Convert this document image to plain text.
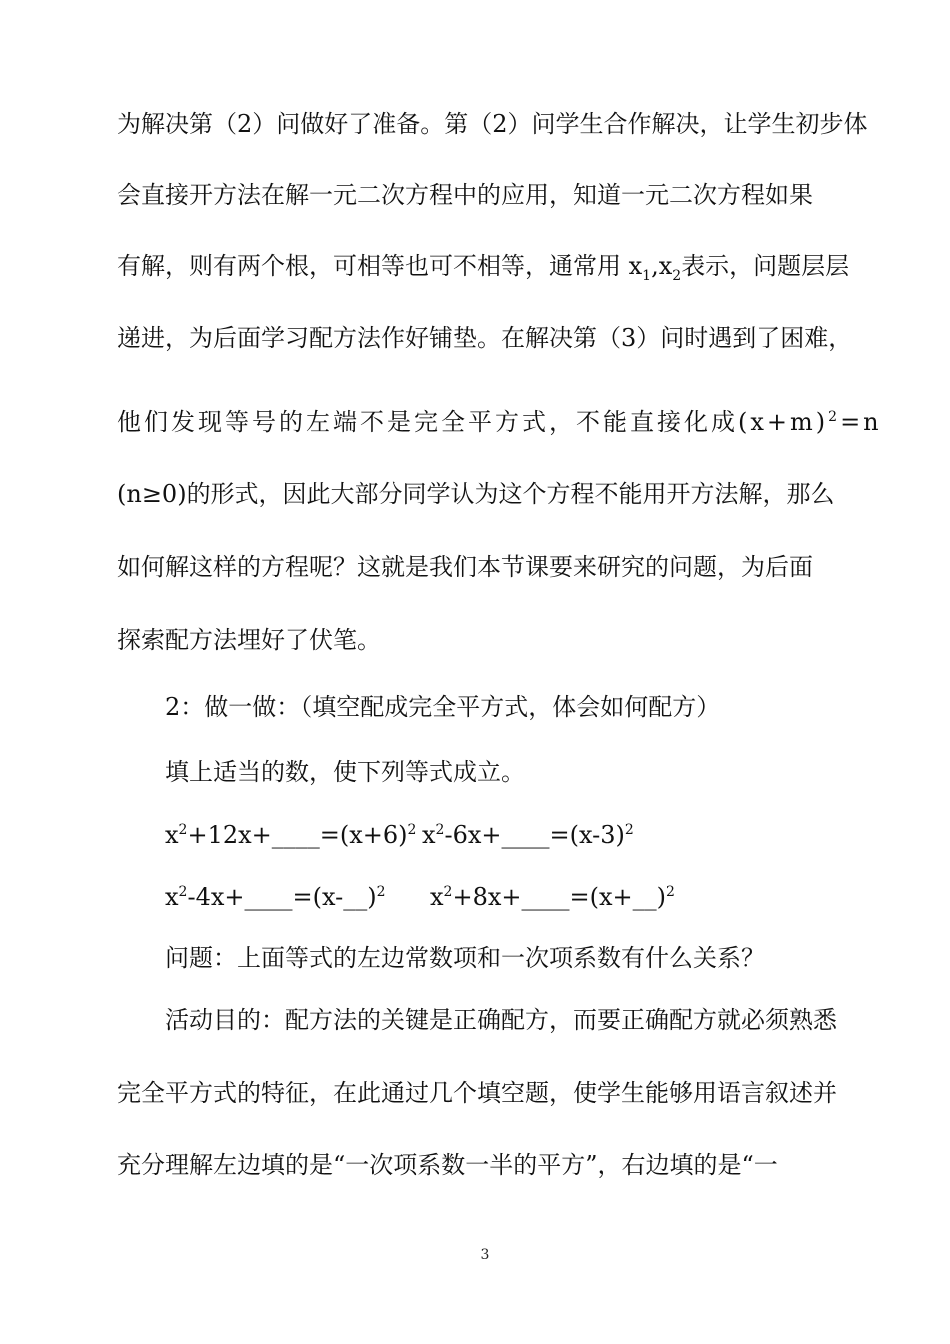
为解决第（2）问做好了准备。第（2）问学生合作解决，让学生初步体
会直接开方法在解一元二次方程中的应用，知道一元二次方程如果
有解，则有两个根，可相等也可不相等，通常用 $x_1,x_2$表示，问题层层
递进，为后面学习配方法作好铺垫。在解决第（3）问时遇到了困难，
他们发现等号的左端不是完全平方式，不能直接化成$(x+m)^2=n$
(n≥0)的形式，因此大部分同学认为这个方程不能用开方法解，那么
如何解这样的方程呢？这就是我们本节课要来研究的问题，为后面
探索配方法埋好了伏笔。
2：做一做：（填空配成完全平方式，体会如何配方）
填上适当的数，使下列等式成立。
$x^2+12x+\_\_\_\_=(x+6)^2$ $x^2-6x+\_\_\_\_=(x-3)^2$
$x^2-4x+\_\_\_\_=(x-\_\_)^2$ $x^2+8x+\_\_\_\_=(x+\_\_)^2$
问题：上面等式的左边常数项和一次项系数有什么关系？
活动目的：配方法的关键是正确配方，而要正确配方就必须熟悉
完全平方式的特征，在此通过几个填空题，使学生能够用语言叙述并
充分理解左边填的是“一次项系数一半的平方”，右边填的是“一
3
